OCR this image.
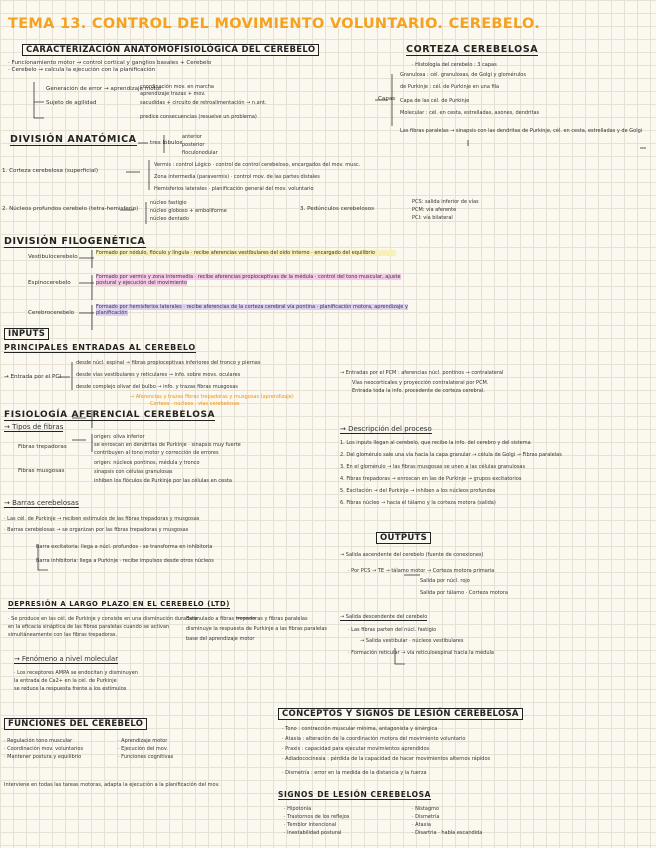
TEMA 13. CONTROL DEL MOVIMIENTO VOLUNTARIO. CEREBELO.
CARACTERIZACIÓN ANATOMOFISIOLÓGICA DEL CEREBELO
· Funcionamiento motor → control cortical y ganglios basales + Cerebelo
· Cerebelo → calcula la ejecución con la planificación
Generación de error → aprendizaje motor
Sujeto de agilidad
coordinación mov. en marcha
aprendizaje trazas + mov.
sacudidas + circuito de retroalimentación → n.ant.
predice consecuencias (resuelve un problema)
DIVISIÓN ANATÓMICA tres lóbulos
anterior
posterior
floculonodular
1. Corteza cerebelosa (superficial)
Vermis : control Lógico · control de control cerebeloso, encargados del mov. musc.
Zona intermedia (paravermis) · control mov. de las partes distales
Hemisferios laterales · planificación general del mov. voluntario
2. Núcleos profundos cerebelo (tetra-hemisferio)
núcleo fastigio
núcleo globoso + emboliforme
núcleo dentado
3. Pedúnculos cerebelosos
PCS: salida inferior de vías
PCM: vía aferente
PCI: vía bilateral
DIVISIÓN FILOGENÉTICA
Vestibulocerebelo
Formado por nódulo, flóculo y língula · recibe aferencias vestibulares del oído interno · encargado del equilibrio
Espinocerebelo
Formado por vermis y zona intermedia · recibe aferencias propioceptivas de la médula · control del tono muscular, ajuste postural y ejecución del movimiento
Cerebrocerebelo
Formado por hemisferios laterales · recibe aferencias de la corteza cerebral vía pontina · planificación motora, aprendizaje y planificación
INPUTS
PRINCIPALES ENTRADAS AL CEREBELO
→ Entrada por el PCI
desde núcl. espinal → fibras propioceptivas inferiores del tronco y piernas
desde vías vestibulares y reticulares → info. sobre movs. oculares
desde complejo olivar del bulbo → info. y trazas fibras musgosas
→ Aferencias y trazas fibras trepadoras y musgosas (aprendizaje)
Corteza · núcleos · vías cerebelosas
→ Entradas por el PCM : aferencias núcl. pontinos → contralateral
Vías neocorticales y proyección contralateral por PCM.
Entrada toda la info. procedente de corteza cerebral.
FISIOLOGÍA AFERENCIAL CEREBELOSA
→ Tipos de fibras
Fibras trepadoras
origen: oliva inferior
se enroscan en dendritas de Purkinje · sinapsis muy fuerte
contribuyen al tono motor y corrección de errores
Fibras musgosas
origen: núcleos pontinos, médula y tronco
sinapsis con células granulosas
inhiben los flóculos de Purkinje por las células en cesta
→ Descripción del proceso
1. Los inputs llegan al cerebelo, que recibe la info. del cerebro y del sistema
2. Del glomérulo sale una vía hacia la capa granular → célula de Golgi → Fibras paralelas
3. En el glomérulo → las fibras musgosas se unen a las células granulosas
4. Fibras trepadoras → enroscan en las de Purkinje → grupos excitatorios
5. Excitación → del Purkinje → inhiben a los núcleos profundos
6. Fibras núcleo → hacia el tálamo y la corteza motora (salida)
→ Barras cerebelosas
· Las cél. de Purkinje → reciben estímulos de las fibras trepadoras y musgosas
· Barras cerebelosas → se organizan por las fibras trepadoras y musgosas
Barra excitatoria: llega a núcl. profundos · se transforma en inhibitoria
Barra inhibitoria: llega a Purkinje · recibe impulsos desde otros núcleos
OUTPUTS
→ Salida ascendente del cerebelo (fuente de conexiones)
· Por PCS → TE → tálamo motor → Corteza motora primaria
Salida por núcl. rojo
Salida por tálamo · Corteza motora
→ Salida descendente del cerebelo
· Las fibras parten del núcl. fastigio
→ Salida vestibular · núcleos vestibulares
· Formación reticular → vía reticuloespinal hacia la médula
DEPRESIÓN A LARGO PLAZO EN EL CEREBELO (LTD)
· Se produce en las cél. de Purkinje y consiste en una disminución duradera
en la eficacia sináptica de las fibras paralelas cuando se activan
simultáneamente con las fibras trepadoras.
Estimulado a fibras trepadoras y fibras paralelas
disminuye la respuesta de Purkinje a las fibras paralelas
base del aprendizaje motor
→ Fenómeno a nivel molecular
· Los receptores AMPA se endocitan y disminuyen
la entrada de Ca2+ en la cél. de Purkinje
se reduce la respuesta frente a los estímulos
FUNCIONES DEL CEREBELO
· Regulación tono muscular
· Coordinación mov. voluntarios
· Mantener postura y equilibrio
· Aprendizaje motor
· Ejecución del mov.
· Funciones cognitivas
Interviene en todas las tareas motoras, adapta la ejecución a la planificación del mov.
CONCEPTOS Y SIGNOS DE LESIÓN CEREBELOSA
· Tono : contracción muscular mínima, antagonista y sinérgica
· Ataxia : alteración de la coordinación motora del movimiento voluntario
· Praxis : capacidad para ejecutar movimientos aprendidos
· Adiadococinesia : pérdida de la capacidad de hacer movimientos alternos rápidos
· Dismetría : error en la medida de la distancia y la fuerza
SIGNOS DE LESIÓN CEREBELOSA
· Hipotonía
· Trastornos de los reflejos
· Temblor intencional
· Inestabilidad postural
· Nistagmo
· Dismetría
· Ataxia
· Disartria · habla escandida
CORTEZA CEREBELOSA
· Histología del cerebelo : 3 capas
Capas
Granulosa : cél. granulosas, de Golgi y glomérulos
de Purkinje : cél. de Purkinje en una fila
Capa de las cél. de Purkinje
Molecular : cél. en cesta, estrelladas, axones, dendritas
Las fibras paralelas → sinapsis con las dendritas de Purkinje, cél. en cesta, estrelladas y de Golgi
